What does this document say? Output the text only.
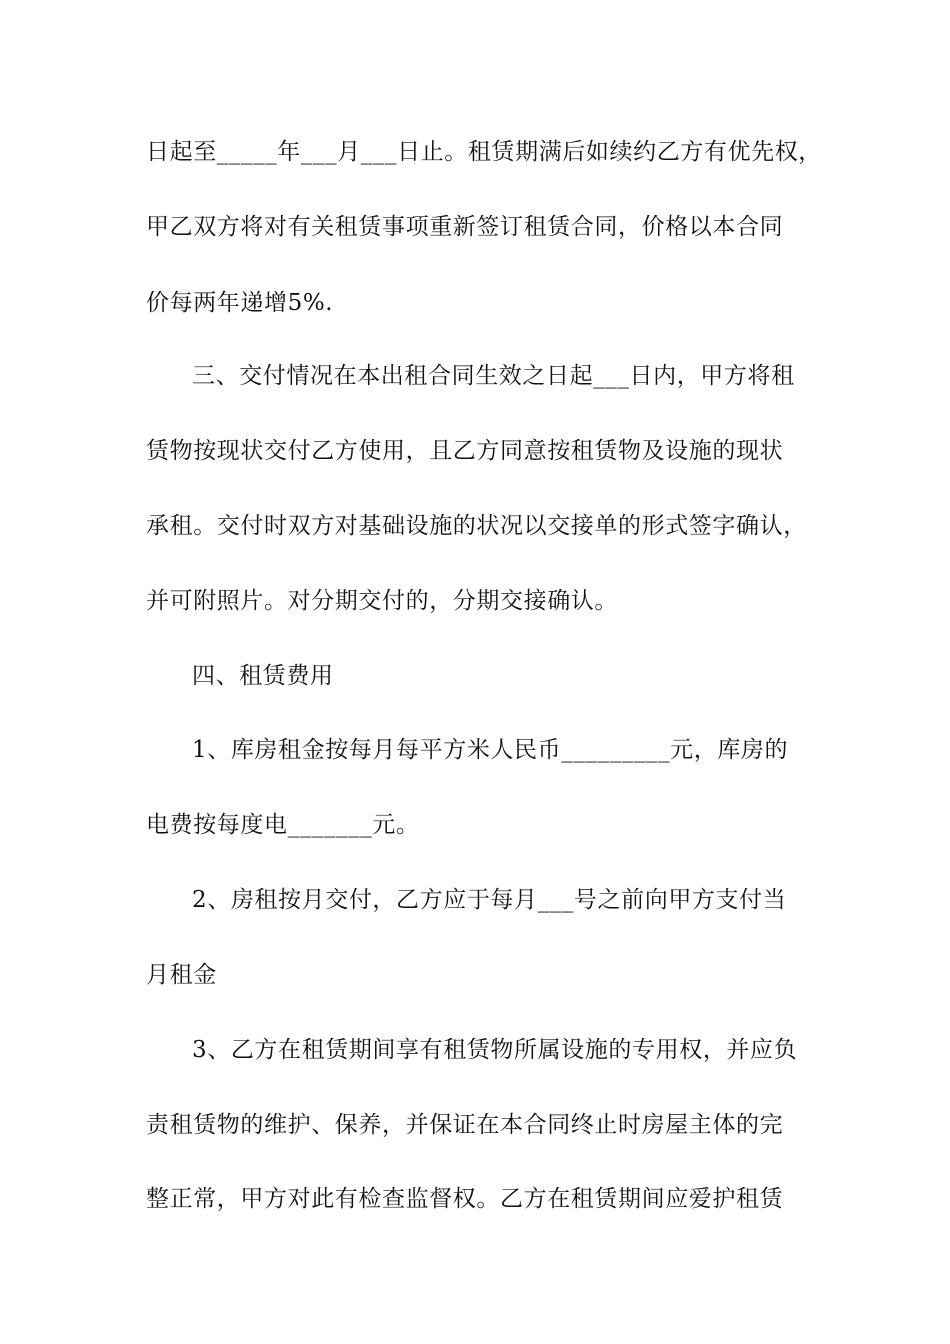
日起至_____年___月___日止。租赁期满后如续约乙方有优先权，
甲乙双方将对有关租赁事项重新签订租赁合同，价格以本合同
价每两年递增5%.
三、交付情况在本出租合同生效之日起___日内，甲方将租
赁物按现状交付乙方使用，且乙方同意按租赁物及设施的现状
承租。交付时双方对基础设施的状况以交接单的形式签字确认，
并可附照片。对分期交付的，分期交接确认。
四、租赁费用
1、库房租金按每月每平方米人民币_________元，库房的
电费按每度电_______元。
2、房租按月交付，乙方应于每月___号之前向甲方支付当
月租金
3、乙方在租赁期间享有租赁物所属设施的专用权，并应负
责租赁物的维护、保养，并保证在本合同终止时房屋主体的完
整正常，甲方对此有检查监督权。乙方在租赁期间应爱护租赁
